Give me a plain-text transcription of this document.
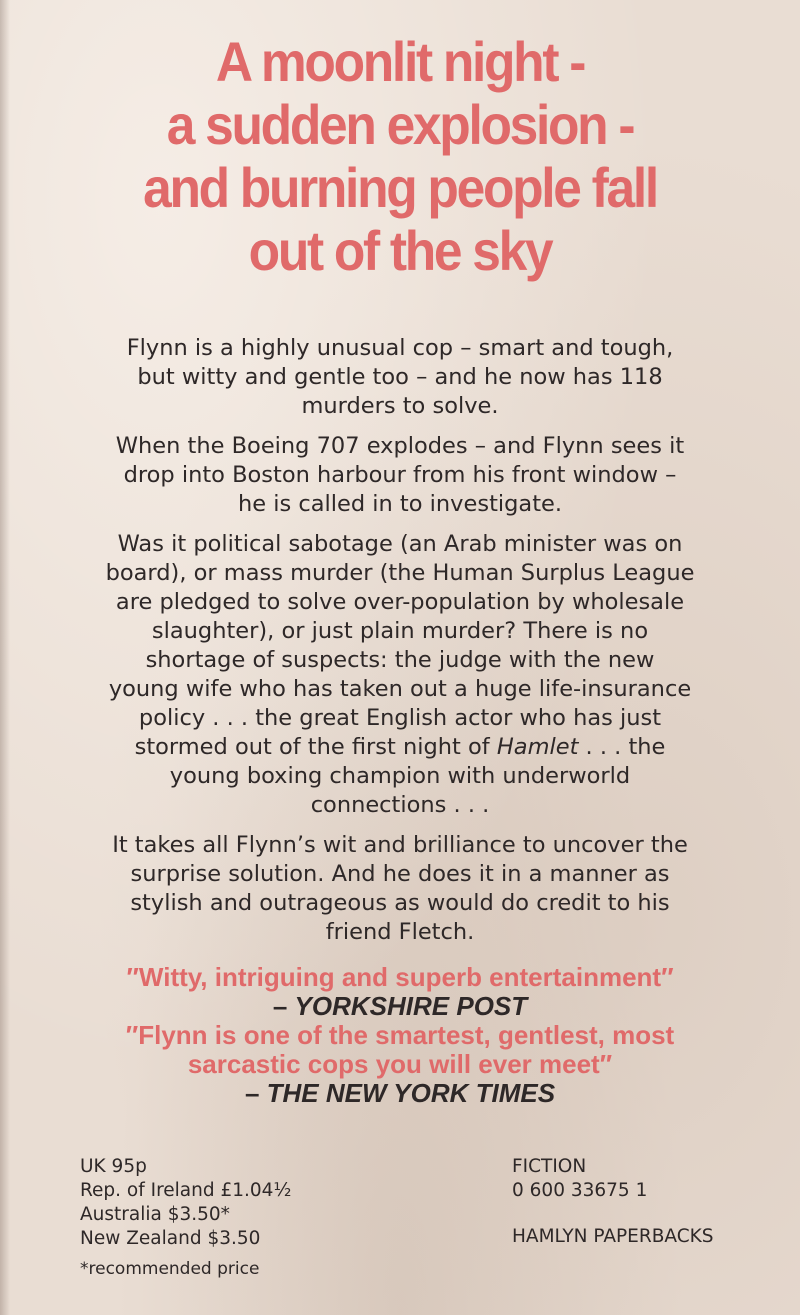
A moonlit night -
a sudden explosion -
and burning people fall
out of the sky

Flynn is a highly unusual cop – smart and tough,
but witty and gentle too – and he now has 118
murders to solve.

When the Boeing 707 explodes – and Flynn sees it
drop into Boston harbour from his front window –
he is called in to investigate.

Was it political sabotage (an Arab minister was on
board), or mass murder (the Human Surplus League
are pledged to solve over-population by wholesale
slaughter), or just plain murder? There is no
shortage of suspects: the judge with the new
young wife who has taken out a huge life-insurance
policy . . . the great English actor who has just
stormed out of the first night of Hamlet . . . the
young boxing champion with underworld
connections . . .

It takes all Flynn’s wit and brilliance to uncover the
surprise solution. And he does it in a manner as
stylish and outrageous as would do credit to his
friend Fletch.

′′Witty, intriguing and superb entertainment′′
– YORKSHIRE POST
′′Flynn is one of the smartest, gentlest, most
sarcastic cops you will ever meet′′
– THE NEW YORK TIMES
UK 95p
Rep. of Ireland £1.04½
Australia $3.50*
New Zealand $3.50
*recommended price
FICTION
0 600 33675 1
HAMLYN PAPERBACKS
